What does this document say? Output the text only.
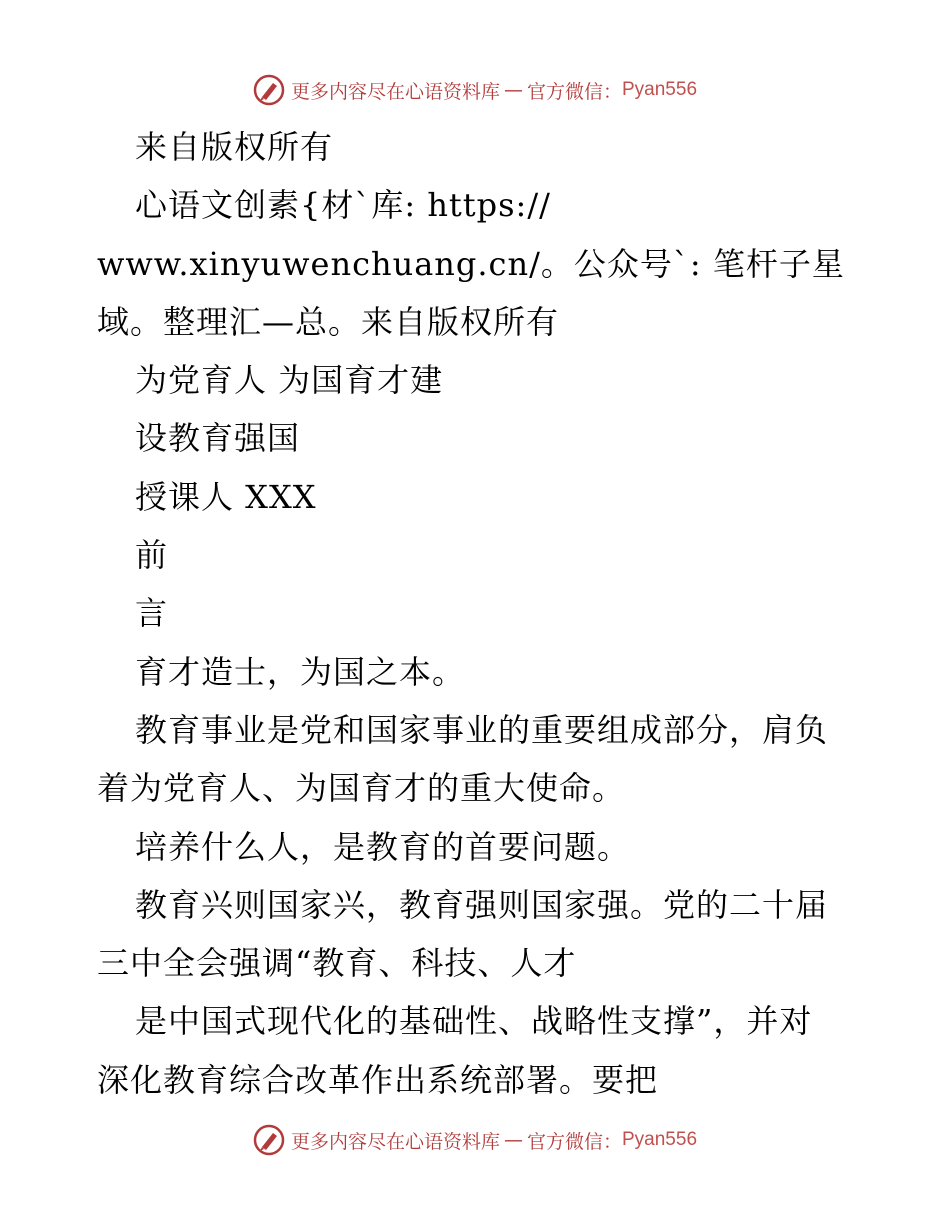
更多内容尽在心语资料库 — 官方微信： Pyan556
来自版权所有
心语文创素{材`库: https://
www.xinyuwenchuang.cn/。公众号`: 笔杆子星
域。整理汇—总。来自版权所有
为党育人 为国育才建
设教育强国
授课人 XXX
前
言
育才造士，为国之本。
教育事业是党和国家事业的重要组成部分，肩负
着为党育人、为国育才的重大使命。
培养什么人，是教育的首要问题。
教育兴则国家兴，教育强则国家强。党的二十届
三中全会强调“教育、科技、人才
是中国式现代化的基础性、战略性支撑”，并对
深化教育综合改革作出系统部署。要把
更多内容尽在心语资料库 — 官方微信： Pyan556
